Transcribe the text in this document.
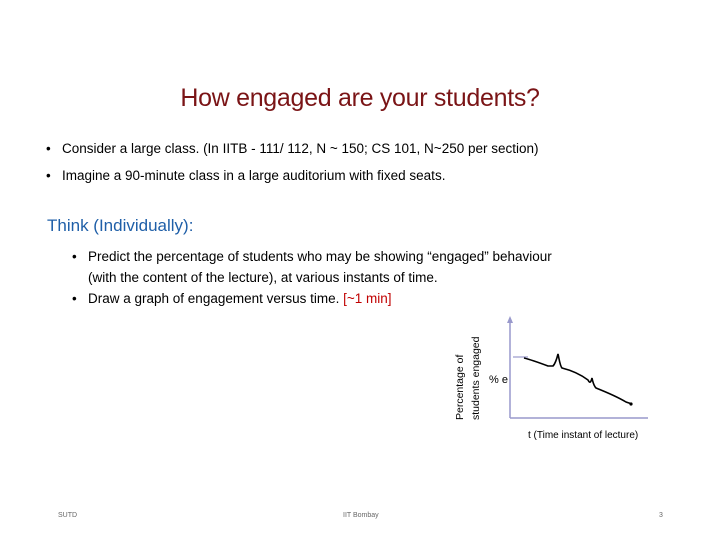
How engaged are your students?
• Consider a large class. (In IITB - 111/ 112, N ~ 150; CS 101, N~250 per section)
• Imagine a 90-minute class in a large auditorium with fixed seats.
Think (Individually):
• Predict the percentage of students who may be showing “engaged” behaviour
(with the content of the lecture), at various instants of time.
• Draw a graph of engagement versus time. [~1 min]
Percentage of students engaged % e
t (Time instant of lecture)
SUTD	IIT Bombay	3
